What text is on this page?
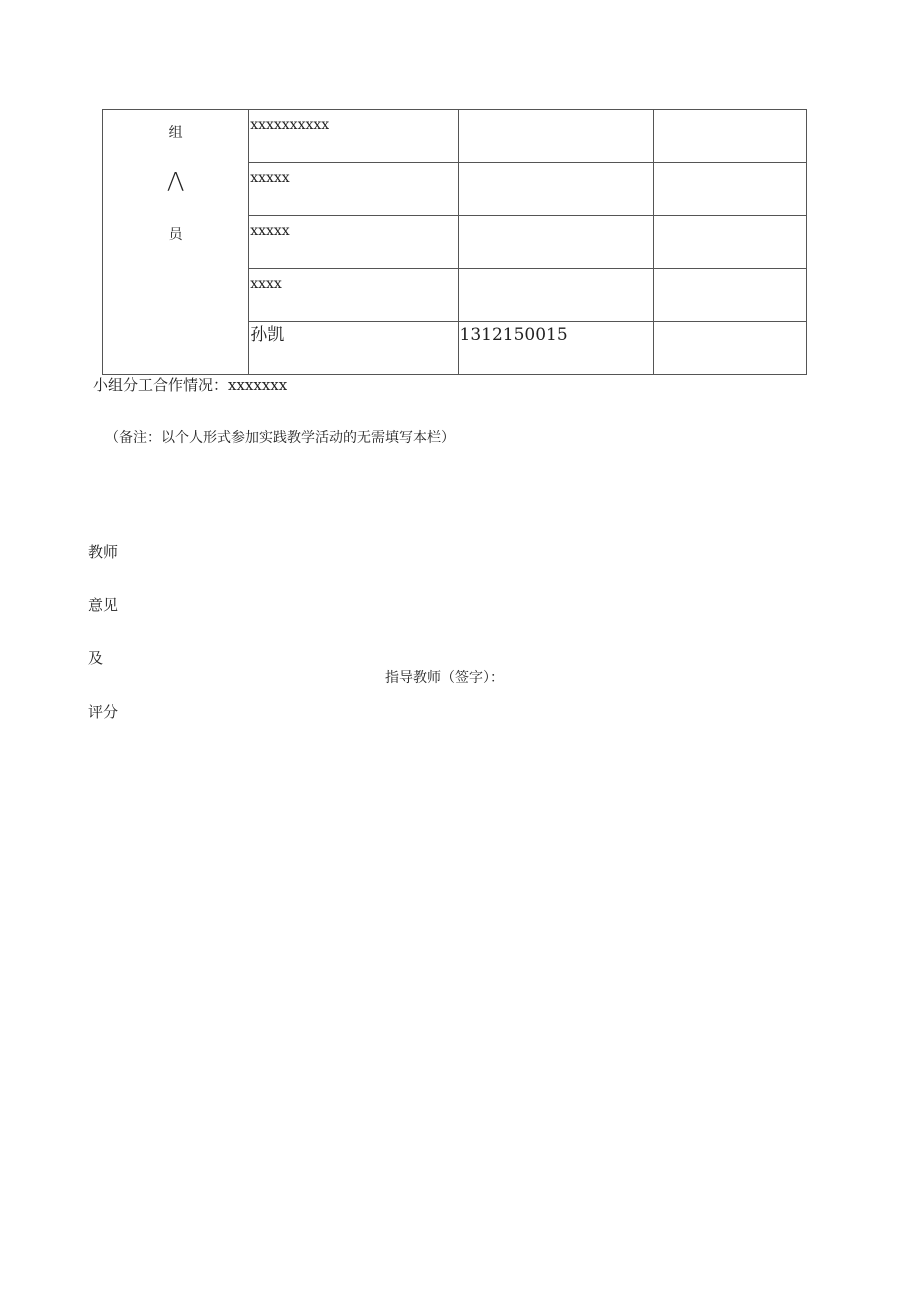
组
Λ
员	xxxxxxxxxx		

	xxxxx		

	xxxxx		

	xxxx		

	孙凯	1312150015	

小组分工合作情况：xxxxxxx
（备注：以个人形式参加实践教学活动的无需填写本栏）
教师
意见
及
评分
指导教师（签字）：
